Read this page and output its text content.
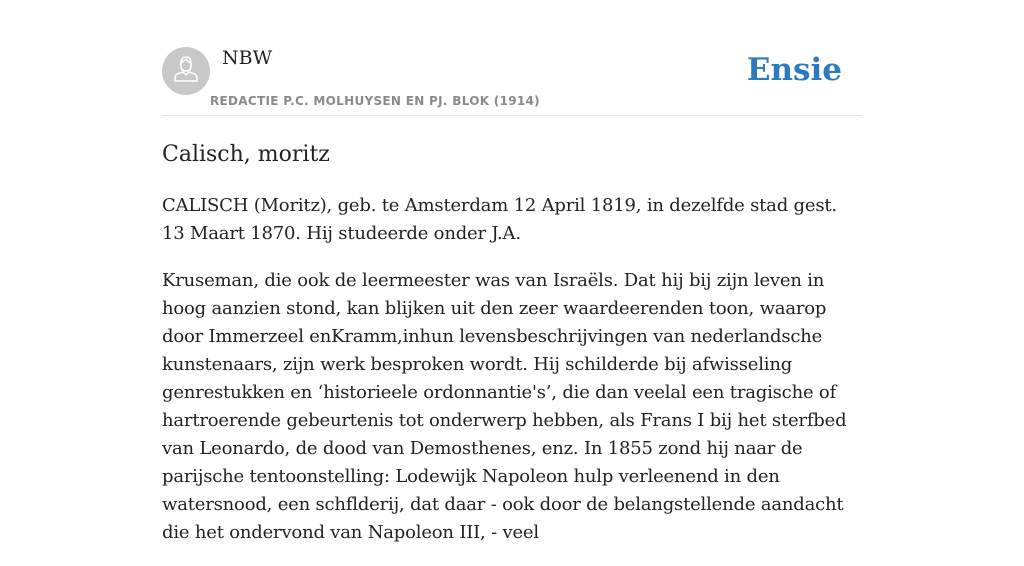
NBW
REDACTIE P.C. MOLHUYSEN EN PJ. BLOK (1914)
Ensie
Calisch, moritz

CALISCH (Moritz), geb. te Amsterdam 12 April 1819, in dezelfde stad gest. 13 Maart 1870. Hij studeerde onder J.A.

Kruseman, die ook de leermeester was van Israëls. Dat hij bij zijn leven in hoog aanzien stond, kan blijken uit den zeer waardeerenden toon, waarop door Immerzeel enKramm,inhun levensbeschrijvingen van nederlandsche kunstenaars, zijn werk besproken wordt. Hij schilderde bij afwisseling genrestukken en ‘historieele ordonnantie's’, die dan veelal een tragische of hartroerende gebeurtenis tot onderwerp hebben, als Frans I bij het sterfbed van Leonardo, de dood van Demosthenes, enz. In 1855 zond hij naar de parijsche tentoonstelling: Lodewijk Napoleon hulp verleenend in den watersnood, een schflderij, dat daar - ook door de belangstellende aandacht die het ondervond van Napoleon III, - veel
